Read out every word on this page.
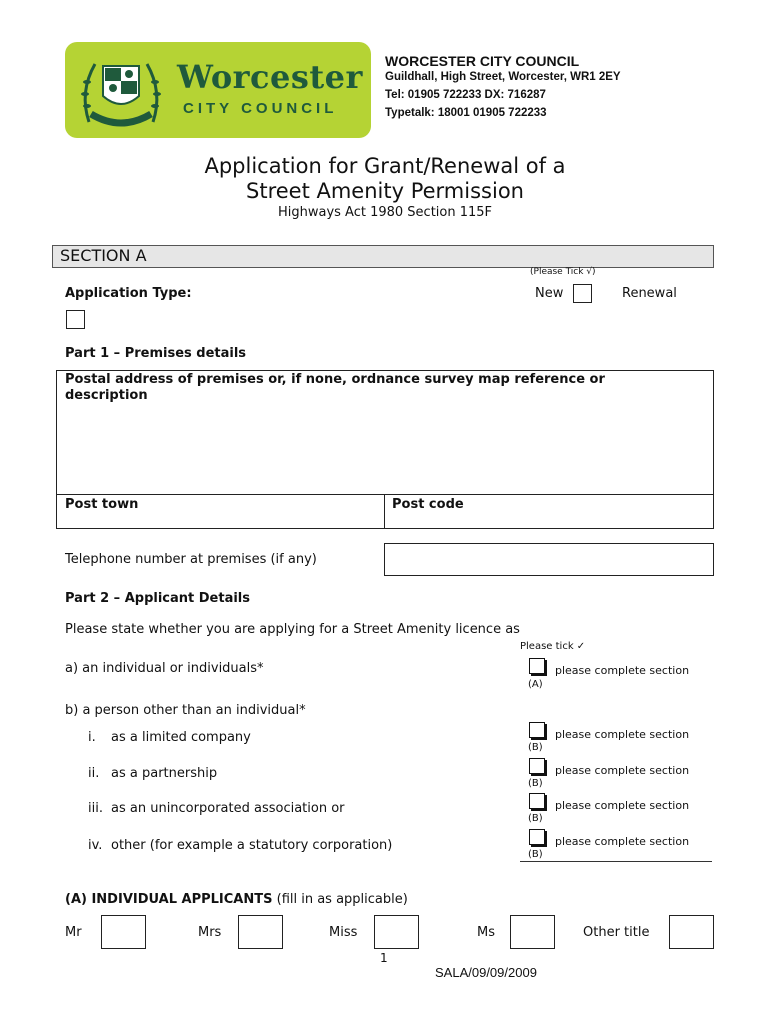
Worcester
CITY COUNCIL
WORCESTER CITY COUNCIL
Guildhall, High Street, Worcester, WR1 2EY
Tel: 01905 722233 DX: 716287
Typetalk: 18001 01905 722233
Application for Grant/Renewal of a
Street Amenity Permission
Highways Act 1980 Section 115F
SECTION A
(Please Tick √)
Application Type:	New	Renewal
Part 1 – Premises details
Postal address of premises or, if none, ordnance survey map reference or description
Post town	Post code
Telephone number at premises (if any)
Part 2 – Applicant Details
Please state whether you are applying for a Street Amenity licence as
Please tick ✓
a) an individual or individuals*	please complete section
(A)
b) a person other than an individual*
i. as a limited company	please complete section
(B)
ii. as a partnership	please complete section
(B)
iii. as an unincorporated association or	please complete section
(B)
iv. other (for example a statutory corporation)	please complete section
(B)
(A) INDIVIDUAL APPLICANTS (fill in as applicable)
Mr	Mrs	Miss	Ms	Other title
1
SALA/09/09/2009
